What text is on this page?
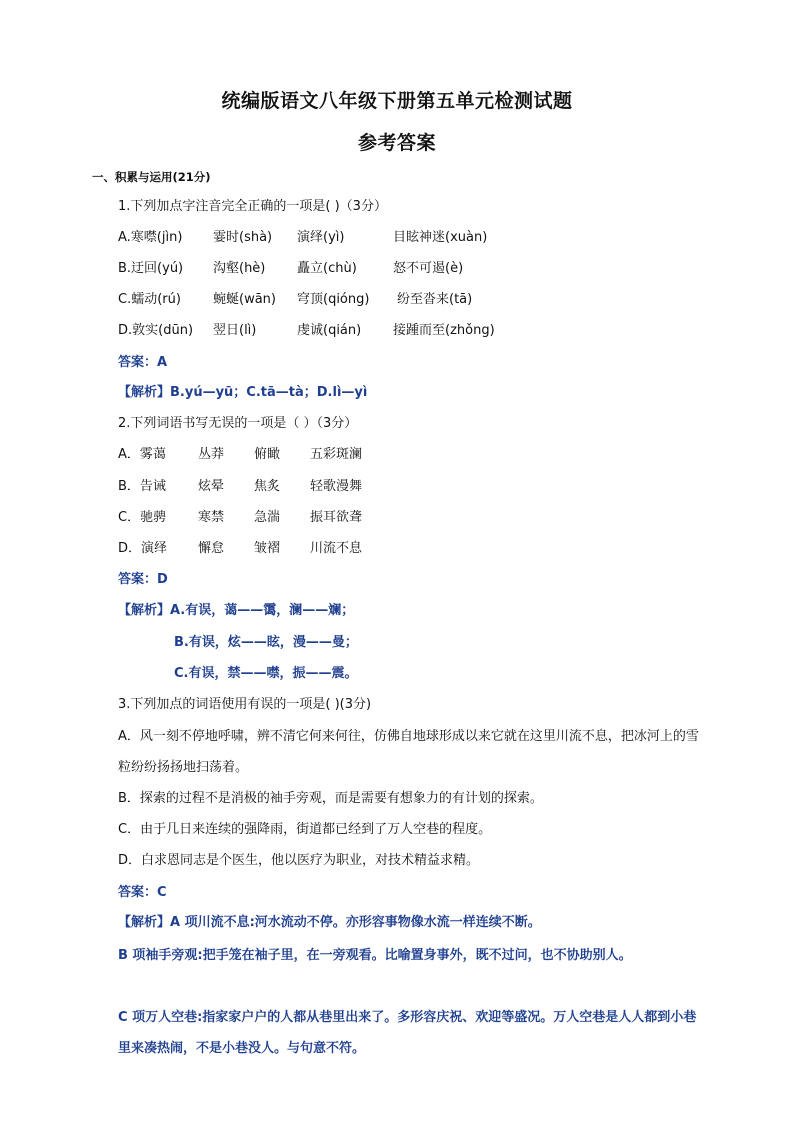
统编版语文八年级下册第五单元检测试题
参考答案
一、积累与运用(21分)
1.下列加点字注音完全正确的一项是( )（3分）
A.寒噤(jìn) 霎时(shà) 演绎(yì)	目眩神迷(xuàn)
B.迂回(yú) 沟壑(hè) 矗立(chù)	怒不可遏(è)
C.蠕动(rú) 蜿蜒(wān) 穹顶(qióng) 纷至沓来(tā)
D.敦实(dūn) 翌日(lì)	虔诚(qián) 接踵而至(zhǒng)
答案：A
【解析】B.yú—yū；C.tā—tà；D.lì—yì
2.下列词语书写无误的一项是（ ）（3分）
A．雾蔼 丛莽 俯瞰 五彩斑澜
B．告诫 炫晕 焦炙 轻歌漫舞
C．驰骋 寒禁 急湍 振耳欲聋
D．演绎 懈怠 皱褶 川流不息
答案：D
【解析】A.有误，蔼——霭，澜——斓；
B.有误，炫——眩，漫——曼；
C.有误，禁——噤，振——震。
3.下列加点的词语使用有误的一项是( )(3分)
A．风一刻不停地呼啸，辨不清它何来何往，仿佛自地球形成以来它就在这里川流不息，把冰河上的雪粒纷纷扬扬地扫荡着。
B．探索的过程不是消极的袖手旁观，而是需要有想象力的有计划的探索。
C．由于几日来连续的强降雨，街道都已经到了万人空巷的程度。
D．白求恩同志是个医生，他以医疗为职业，对技术精益求精。
答案：C
【解析】A 项川流不息:河水流动不停。亦形容事物像水流一样连续不断。
B 项袖手旁观:把手笼在袖子里，在一旁观看。比喻置身事外，既不过问，也不协助别人。
C 项万人空巷:指家家户户的人都从巷里出来了。多形容庆祝、欢迎等盛况。万人空巷是人人都到小巷里来凑热闹，不是小巷没人。与句意不符。
